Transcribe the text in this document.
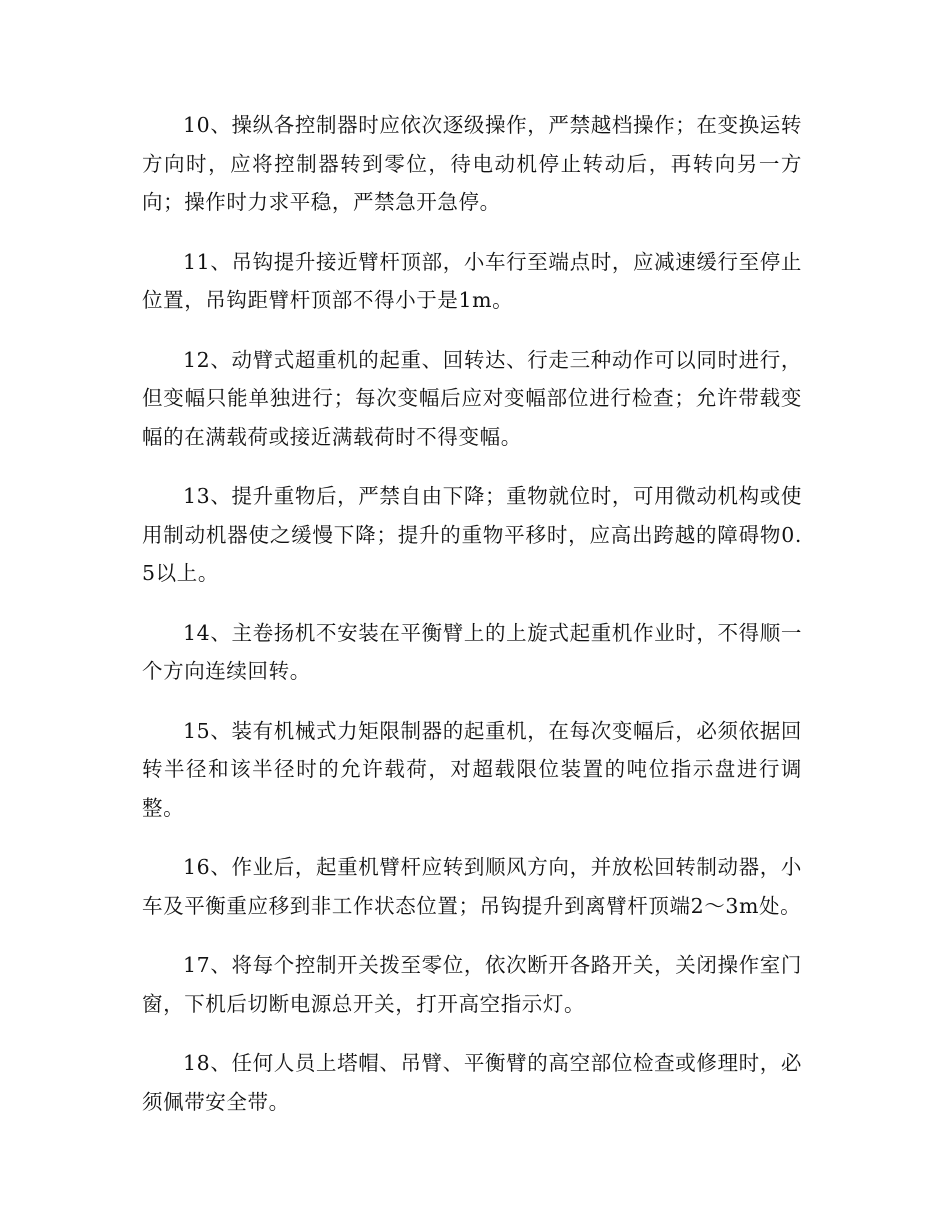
10、操纵各控制器时应依次逐级操作，严禁越档操作；在变换运转方向时，应将控制器转到零位，待电动机停止转动后，再转向另一方向；操作时力求平稳，严禁急开急停。

11、吊钩提升接近臂杆顶部，小车行至端点时，应减速缓行至停止位置，吊钩距臂杆顶部不得小于是1m。

12、动臂式超重机的起重、回转达、行走三种动作可以同时进行，但变幅只能单独进行；每次变幅后应对变幅部位进行检查；允许带载变幅的在满载荷或接近满载荷时不得变幅。

13、提升重物后，严禁自由下降；重物就位时，可用微动机构或使用制动机器使之缓慢下降；提升的重物平移时，应高出跨越的障碍物0.5以上。

14、主卷扬机不安装在平衡臂上的上旋式起重机作业时，不得顺一个方向连续回转。

15、装有机械式力矩限制器的起重机，在每次变幅后，必须依据回转半径和该半径时的允许载荷，对超载限位装置的吨位指示盘进行调整。

16、作业后，起重机臂杆应转到顺风方向，并放松回转制动器，小车及平衡重应移到非工作状态位置；吊钩提升到离臂杆顶端2～3m处。

17、将每个控制开关拨至零位，依次断开各路开关，关闭操作室门窗，下机后切断电源总开关，打开高空指示灯。

18、任何人员上塔帽、吊臂、平衡臂的高空部位检查或修理时，必须佩带安全带。
